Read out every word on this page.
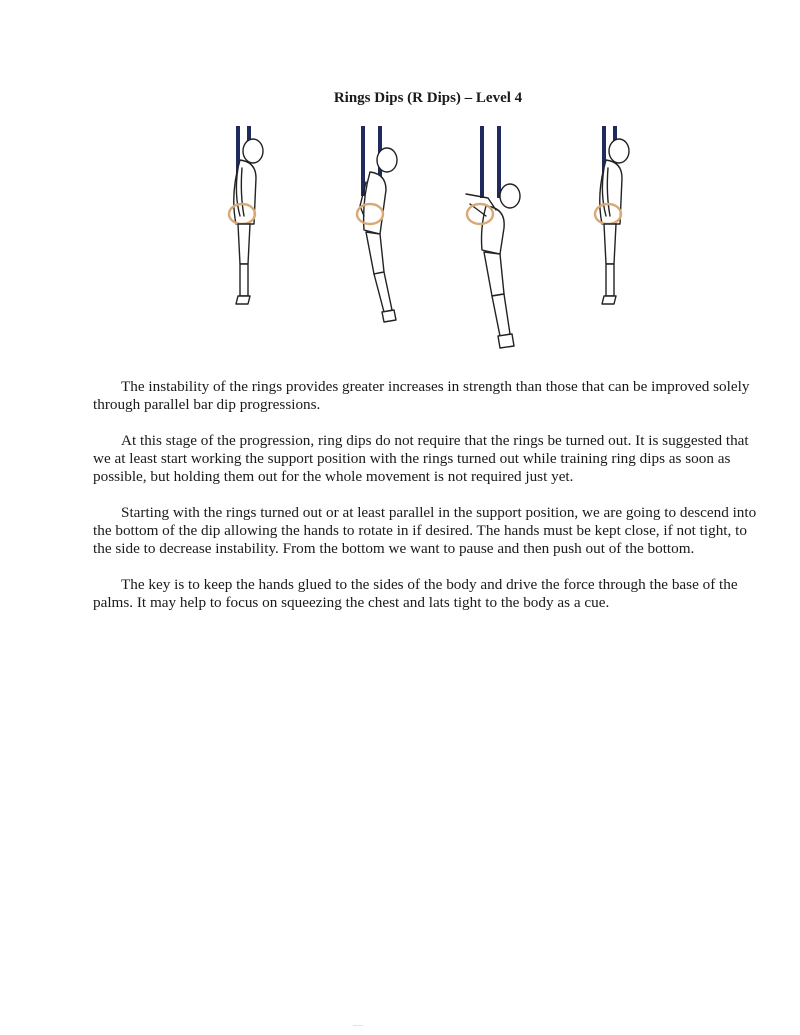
Rings Dips (R Dips) – Level 4

The instability of the rings provides greater increases in strength than those that can be improved solely through parallel bar dip progressions.

At this stage of the progression, ring dips do not require that the rings be turned out. It is suggested that we at least start working the support position with the rings turned out while training ring dips as soon as possible, but holding them out for the whole movement is not required just yet.

Starting with the rings turned out or at least parallel in the support position, we are going to descend into the bottom of the dip allowing the hands to rotate in if desired. The hands must be kept close, if not tight, to the side to decrease instability. From the bottom we want to pause and then push out of the bottom.

The key is to keep the hands glued to the sides of the body and drive the force through the base of the palms. It may help to focus on squeezing the chest and lats tight to the body as a cue.

—
